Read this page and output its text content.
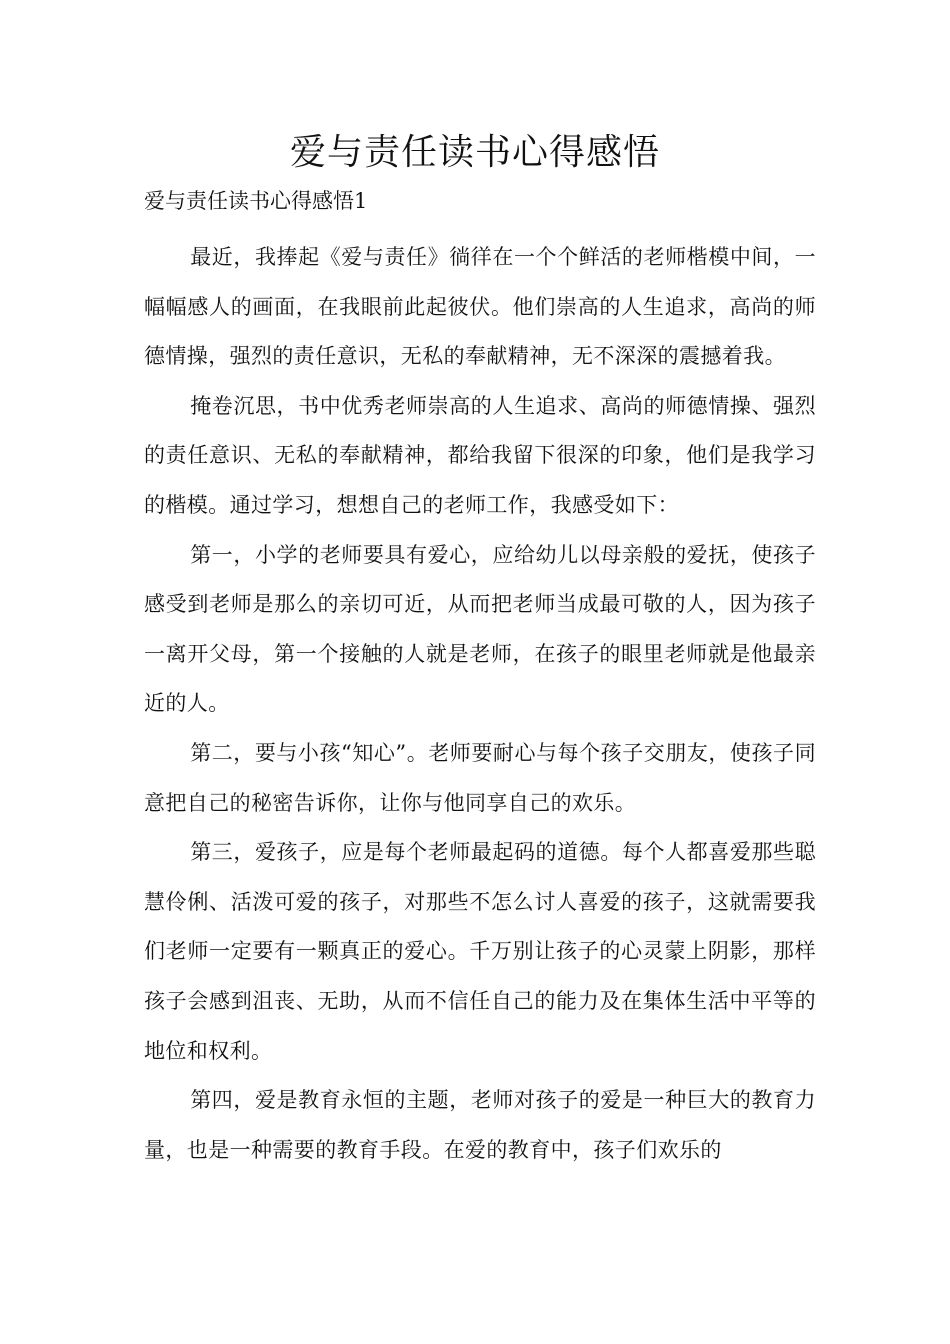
爱与责任读书心得感悟

爱与责任读书心得感悟1

最近，我捧起《爱与责任》徜徉在一个个鲜活的老师楷模中间，一幅幅感人的画面，在我眼前此起彼伏。他们崇高的人生追求，高尚的师德情操，强烈的责任意识，无私的奉献精神，无不深深的震撼着我。

掩卷沉思，书中优秀老师崇高的人生追求、高尚的师德情操、强烈的责任意识、无私的奉献精神，都给我留下很深的印象，他们是我学习的楷模。通过学习，想想自己的老师工作，我感受如下：

第一，小学的老师要具有爱心，应给幼儿以母亲般的爱抚，使孩子感受到老师是那么的亲切可近，从而把老师当成最可敬的人，因为孩子一离开父母，第一个接触的人就是老师，在孩子的眼里老师就是他最亲近的人。

第二，要与小孩“知心”。老师要耐心与每个孩子交朋友，使孩子同意把自己的秘密告诉你，让你与他同享自己的欢乐。

第三，爱孩子，应是每个老师最起码的道德。每个人都喜爱那些聪慧伶俐、活泼可爱的孩子，对那些不怎么讨人喜爱的孩子，这就需要我们老师一定要有一颗真正的爱心。千万别让孩子的心灵蒙上阴影，那样孩子会感到沮丧、无助，从而不信任自己的能力及在集体生活中平等的地位和权利。

第四，爱是教育永恒的主题，老师对孩子的爱是一种巨大的教育力量，也是一种需要的教育手段。在爱的教育中，孩子们欢乐的
